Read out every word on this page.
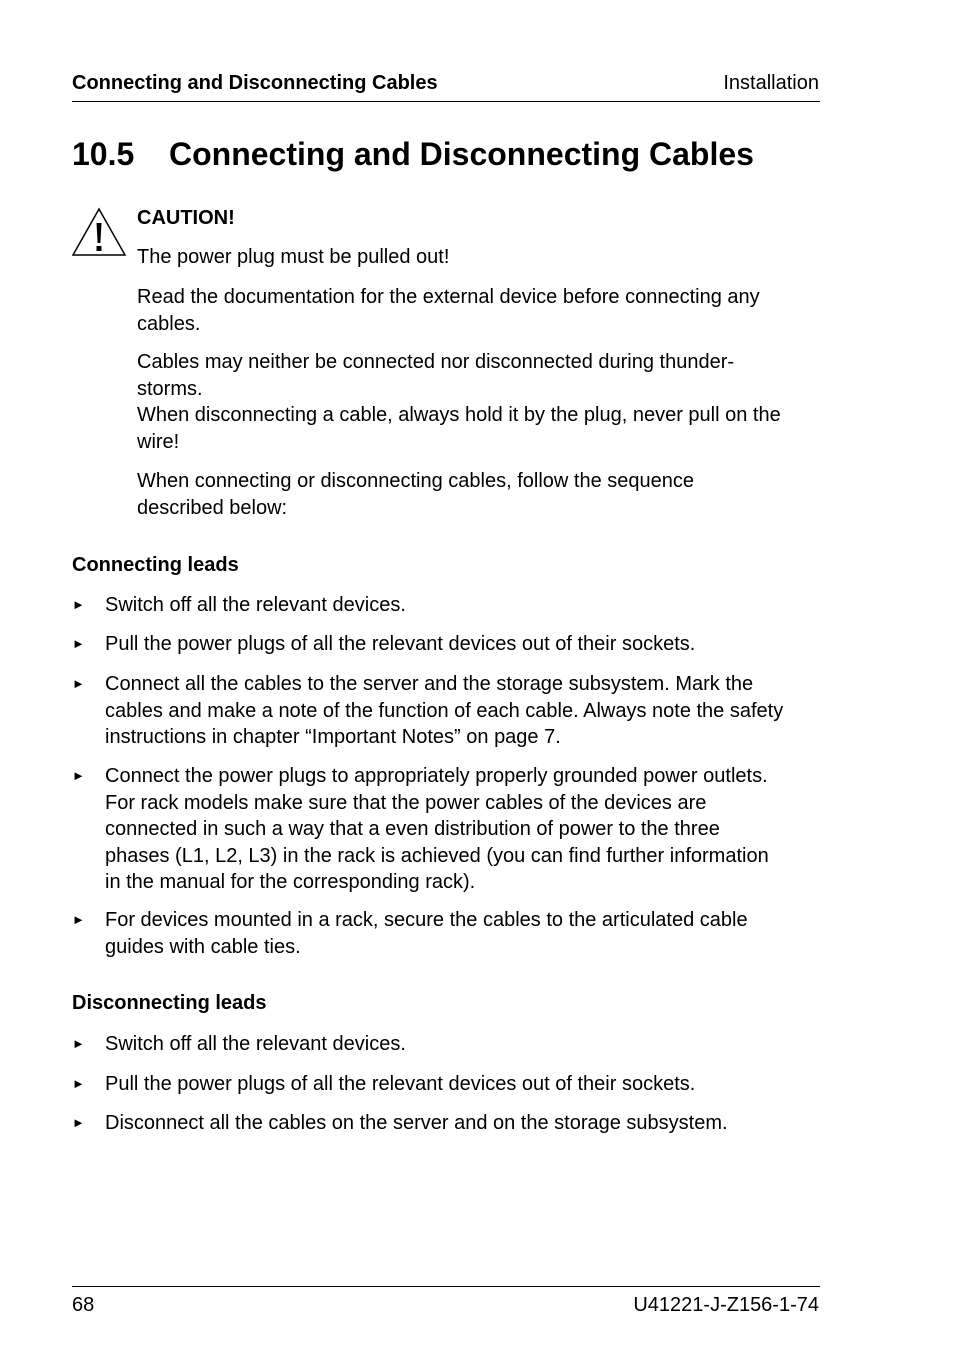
Connecting and Disconnecting Cables	Installation
10.5 Connecting and Disconnecting Cables
CAUTION!
The power plug must be pulled out!
Read the documentation for the external device before connecting any
cables.
Cables may neither be connected nor disconnected during thunder-
storms.
When disconnecting a cable, always hold it by the plug, never pull on the
wire!
When connecting or disconnecting cables, follow the sequence
described below:
Connecting leads
► Switch off all the relevant devices.
► Pull the power plugs of all the relevant devices out of their sockets.
► Connect all the cables to the server and the storage subsystem. Mark the
cables and make a note of the function of each cable. Always note the safety
instructions in chapter “Important Notes” on page 7.
► Connect the power plugs to appropriately properly grounded power outlets.
For rack models make sure that the power cables of the devices are
connected in such a way that a even distribution of power to the three
phases (L1, L2, L3) in the rack is achieved (you can find further information
in the manual for the corresponding rack).
► For devices mounted in a rack, secure the cables to the articulated cable
guides with cable ties.
Disconnecting leads
► Switch off all the relevant devices.
► Pull the power plugs of all the relevant devices out of their sockets.
► Disconnect all the cables on the server and on the storage subsystem.
68	U41221-J-Z156-1-74
